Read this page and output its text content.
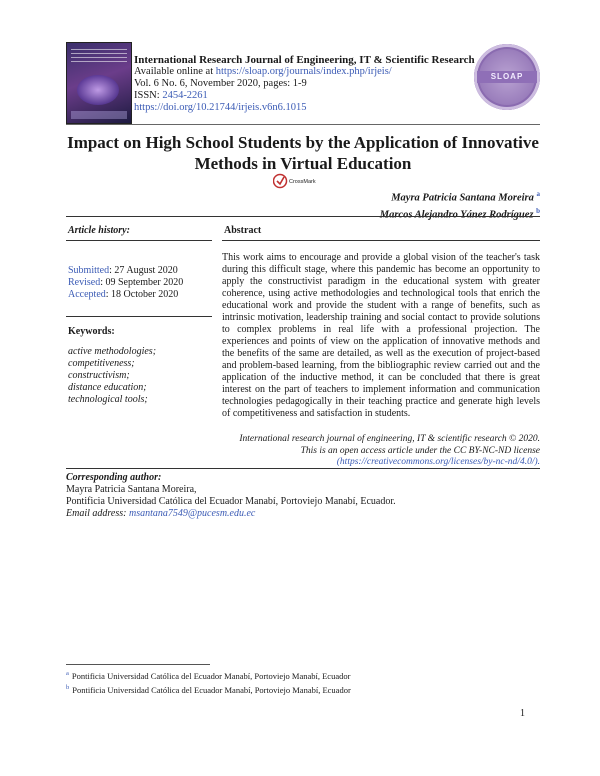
International Research Journal of Engineering, IT & Scientific Research
Available online at https://sloap.org/journals/index.php/irjeis/
Vol. 6 No. 6, November 2020, pages: 1-9
ISSN: 2454-2261
https://doi.org/10.21744/irjeis.v6n6.1015
SLOAP
Impact on High School Students by the Application of Innovative
Methods in Virtual Education
CrossMark
Mayra Patricia Santana Moreira $^a$
Marcos Alejandro Yánez Rodríguez $^b$
Article history:
Submitted: 27 August 2020
Revised: 09 September 2020
Accepted: 18 October 2020
Keywords:
active methodologies;
competitiveness;
constructivism;
distance education;
technological tools;
Abstract
This work aims to encourage and provide a global vision of the teacher's task during this difficult stage, where this pandemic has become an opportunity to apply the constructivist paradigm in the educational system with greater coherence, using active methodologies and technological tools that enrich the educational work and provide the student with a range of benefits, such as intrinsic motivation, leadership training and social contact to provide solutions to complex problems in real life with a professional projection. The experiences and points of view on the application of innovative methods and the benefits of the same are detailed, as well as the execution of project-based and problem-based learning, from the bibliographic review carried out and the application of the inductive method, it can be concluded that there is great interest on the part of teachers to implement information and communication technologies pedagogically in their teaching practice and generate high levels of competitiveness and satisfaction in students.
International research journal of engineering, IT & scientific research © 2020.
This is an open access article under the CC BY-NC-ND license
(https://creativecommons.org/licenses/by-nc-nd/4.0/).
Corresponding author:
Mayra Patricia Santana Moreira,
Pontificia Universidad Católica del Ecuador Manabí, Portoviejo Manabí, Ecuador.
Email address: msantana7549@pucesm.edu.ec
$^a$ Pontificia Universidad Católica del Ecuador Manabí, Portoviejo Manabí, Ecuador
$^b$ Pontificia Universidad Católica del Ecuador Manabí, Portoviejo Manabí, Ecuador
1
